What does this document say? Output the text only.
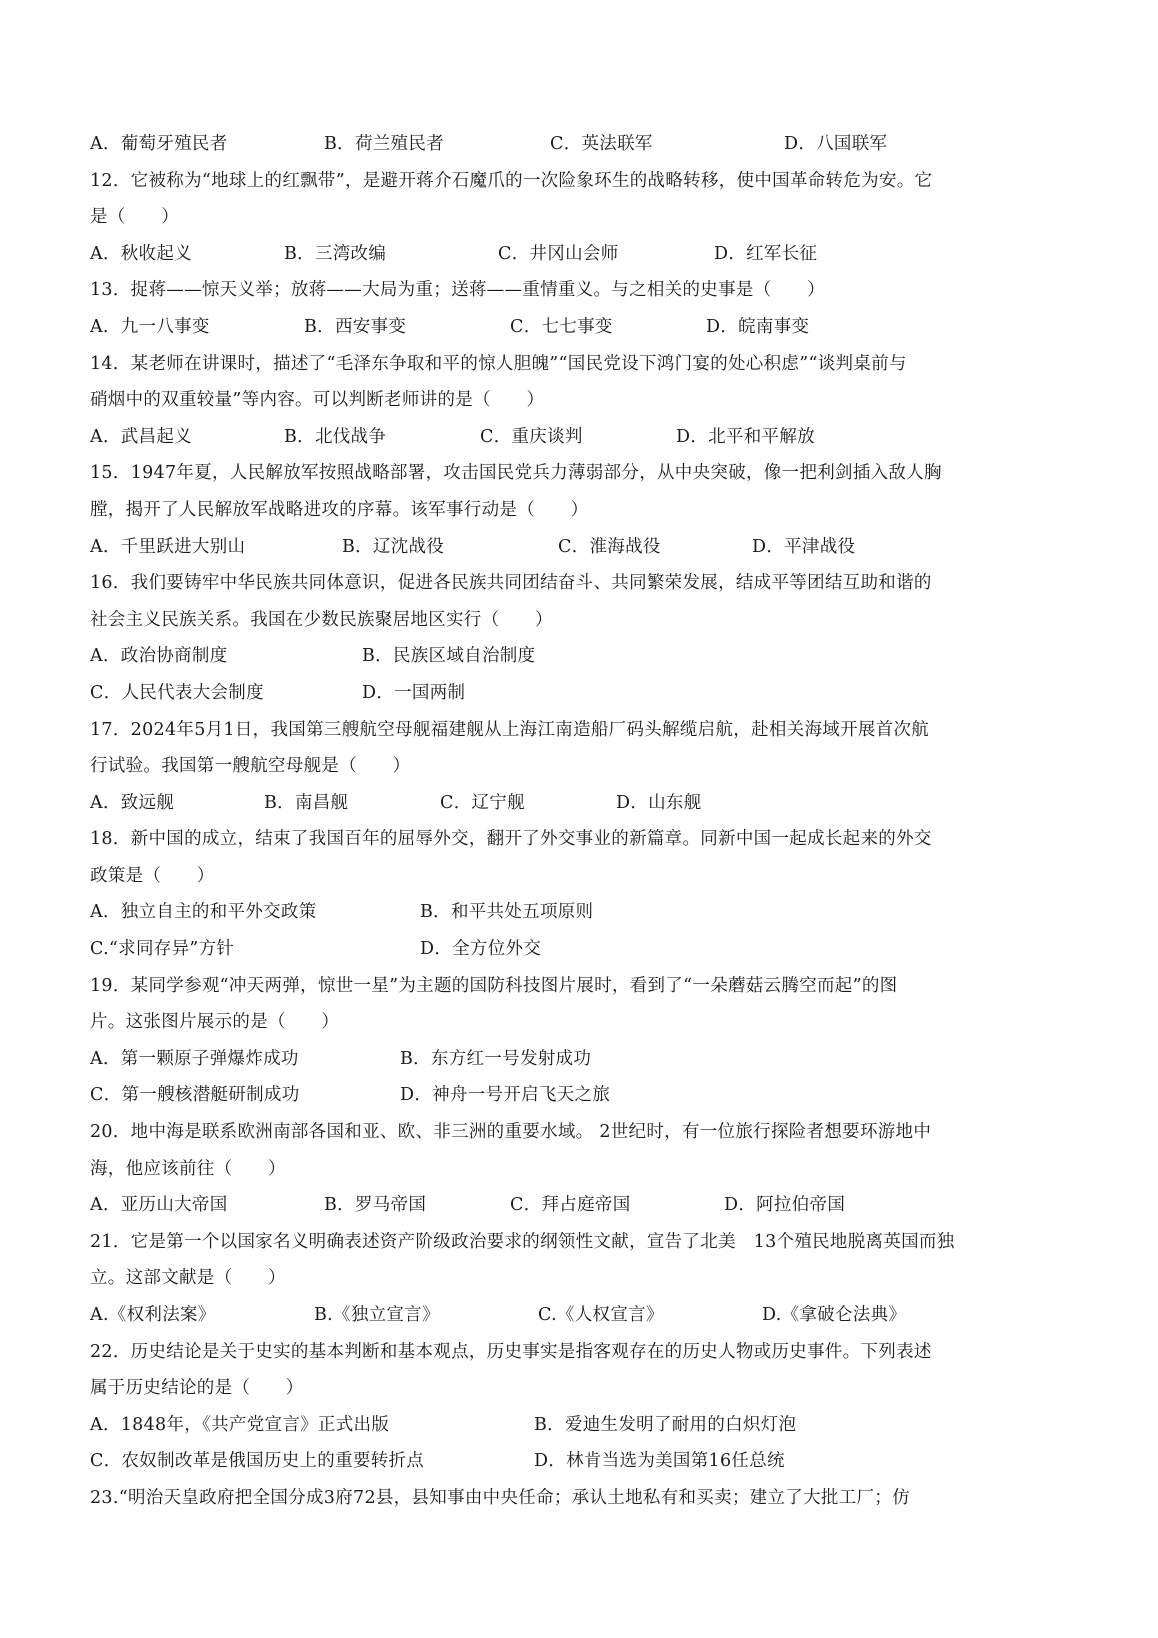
A．葡萄牙殖民者	B．荷兰殖民者	C．英法联军	D．八国联军
12．它被称为“地球上的红飘带”，是避开蒋介石魔爪的一次险象环生的战略转移，使中国革命转危为安。它
是（　　）
A．秋收起义	B．三湾改编	C．井冈山会师	D．红军长征
13．捉蒋——惊天义举；放蒋——大局为重；送蒋——重情重义。与之相关的史事是（　　）
A．九一八事变	B．西安事变	C．七七事变	D．皖南事变
14．某老师在讲课时，描述了“毛泽东争取和平的惊人胆魄”“国民党设下鸿门宴的处心积虑”“谈判桌前与
硝烟中的双重较量”等内容。可以判断老师讲的是（　　）
A．武昌起义	B．北伐战争	C．重庆谈判	D．北平和平解放
15．1947年夏，人民解放军按照战略部署，攻击国民党兵力薄弱部分，从中央突破，像一把利剑插入敌人胸
膛，揭开了人民解放军战略进攻的序幕。该军事行动是（　　）
A．千里跃进大别山	B．辽沈战役	C．淮海战役	D．平津战役
16．我们要铸牢中华民族共同体意识，促进各民族共同团结奋斗、共同繁荣发展，结成平等团结互助和谐的
社会主义民族关系。我国在少数民族聚居地区实行（　　）
A．政治协商制度	B．民族区域自治制度
C．人民代表大会制度	D．一国两制
17．2024年5月1日，我国第三艘航空母舰福建舰从上海江南造船厂码头解缆启航，赴相关海域开展首次航
行试验。我国第一艘航空母舰是（　　）
A．致远舰	B．南昌舰	C．辽宁舰	D．山东舰
18．新中国的成立，结束了我国百年的屈辱外交，翻开了外交事业的新篇章。同新中国一起成长起来的外交
政策是（　　）
A．独立自主的和平外交政策	B．和平共处五项原则
C.“求同存异”方针	D．全方位外交
19．某同学参观“冲天两弹，惊世一星”为主题的国防科技图片展时，看到了“一朵蘑菇云腾空而起”的图
片。这张图片展示的是（　　）
A．第一颗原子弹爆炸成功	B．东方红一号发射成功
C．第一艘核潜艇研制成功	D．神舟一号开启飞天之旅
20．地中海是联系欧洲南部各国和亚、欧、非三洲的重要水域。 2世纪时，有一位旅行探险者想要环游地中
海，他应该前往（　　）
A．亚历山大帝国	B．罗马帝国	C．拜占庭帝国	D．阿拉伯帝国
21．它是第一个以国家名义明确表述资产阶级政治要求的纲领性文献，宣告了北美　13个殖民地脱离英国而独
立。这部文献是（　　）
A.《权利法案》	B.《独立宣言》	C.《人权宣言》	D.《拿破仑法典》
22．历史结论是关于史实的基本判断和基本观点，历史事实是指客观存在的历史人物或历史事件。下列表述
属于历史结论的是（　　）
A．1848年，《共产党宣言》正式出版	B．爱迪生发明了耐用的白炽灯泡
C．农奴制改革是俄国历史上的重要转折点	D．林肯当选为美国第16任总统
23.“明治天皇政府把全国分成3府72县，县知事由中央任命；承认土地私有和买卖；建立了大批工厂；仿
